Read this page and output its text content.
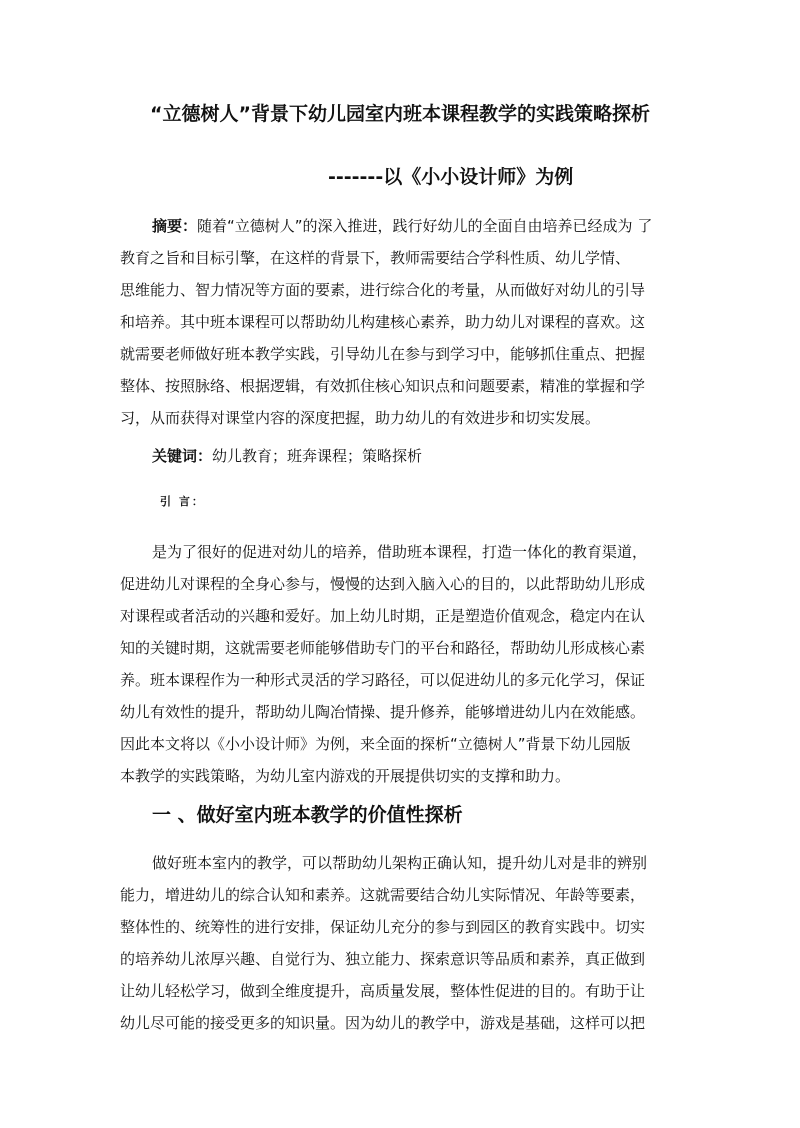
“立德树人”背景下幼儿园室内班本课程教学的实践策略探析
-------以《小小设计师》为例
摘要：随着“立德树人”的深入推进，践行好幼儿的全面自由培养已经成为 了
教育之旨和目标引擎，在这样的背景下，教师需要结合学科性质、幼儿学情、
思维能力、智力情况等方面的要素，进行综合化的考量，从而做好对幼儿的引导
和培养。其中班本课程可以帮助幼儿构建核心素养，助力幼儿对课程的喜欢。这
就需要老师做好班本教学实践，引导幼儿在参与到学习中，能够抓住重点、把握
整体、按照脉络、根据逻辑，有效抓住核心知识点和问题要素，精准的掌握和学
习，从而获得对课堂内容的深度把握，助力幼儿的有效进步和切实发展。

关键词：幼儿教育；班奔课程；策略探析

引 言：

是为了很好的促进对幼儿的培养，借助班本课程，打造一体化的教育渠道，
促进幼儿对课程的全身心参与，慢慢的达到入脑入心的目的，以此帮助幼儿形成
对课程或者活动的兴趣和爱好。加上幼儿时期，正是塑造价值观念，稳定内在认
知的关键时期，这就需要老师能够借助专门的平台和路径，帮助幼儿形成核心素
养。班本课程作为一种形式灵活的学习路径，可以促进幼儿的多元化学习，保证
幼儿有效性的提升，帮助幼儿陶冶情操、提升修养，能够增进幼儿内在效能感。
因此本文将以《小小设计师》为例，来全面的探析“立德树人”背景下幼儿园版
本教学的实践策略，为幼儿室内游戏的开展提供切实的支撑和助力。
一 、做好室内班本教学的价值性探析
做好班本室内的教学，可以帮助幼儿架构正确认知，提升幼儿对是非的辨别
能力，增进幼儿的综合认知和素养。这就需要结合幼儿实际情况、年龄等要素，
整体性的、统筹性的进行安排，保证幼儿充分的参与到园区的教育实践中。切实
的培养幼儿浓厚兴趣、自觉行为、独立能力、探索意识等品质和素养，真正做到
让幼儿轻松学习，做到全维度提升，高质量发展，整体性促进的目的。有助于让
幼儿尽可能的接受更多的知识量。因为幼儿的教学中，游戏是基础，这样可以把
